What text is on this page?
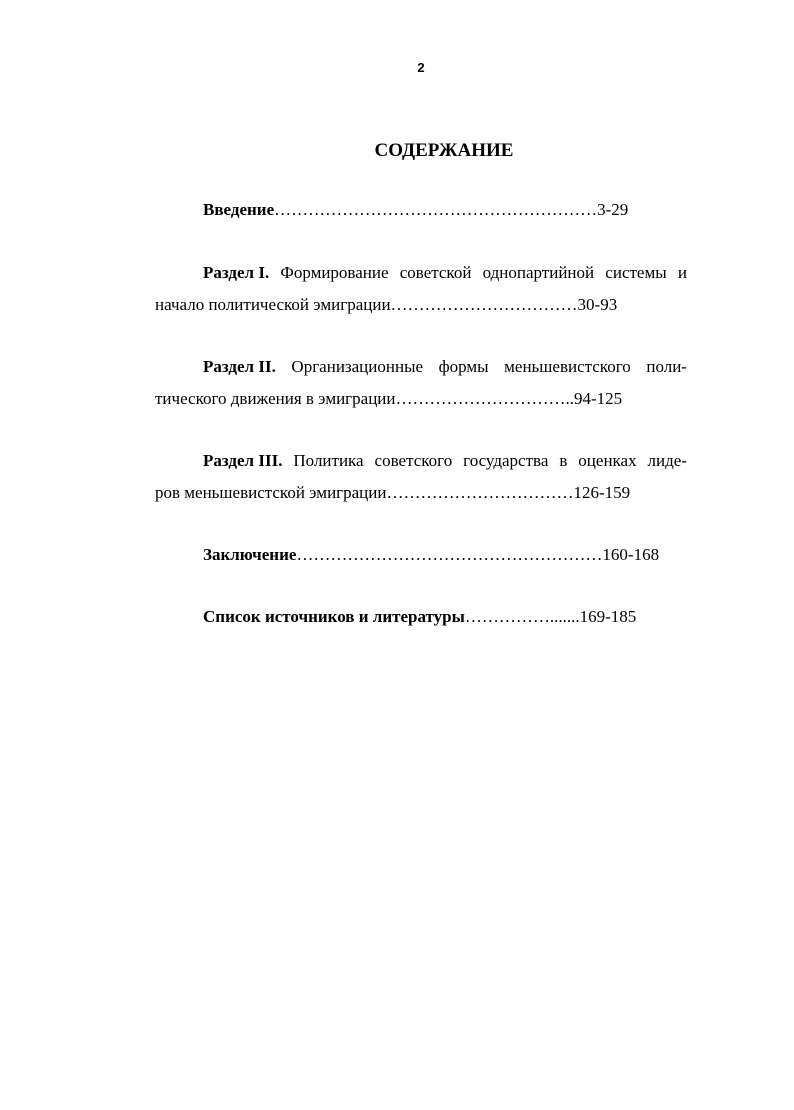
2
СОДЕРЖАНИЕ
Введение…………………………………………………3-29
Раздел I. Формирование советской однопартийной системы и
начало политической эмиграции……………………………30-93
Раздел II. Организационные формы меньшевистского поли-
тического движения в эмиграции…………………………..94-125
Раздел III. Политика советского государства в оценках лиде-
ров меньшевистской эмиграции……………………………126-159
Заключение………………………………………………160-168
Список источников и литературы…………….......169-185
